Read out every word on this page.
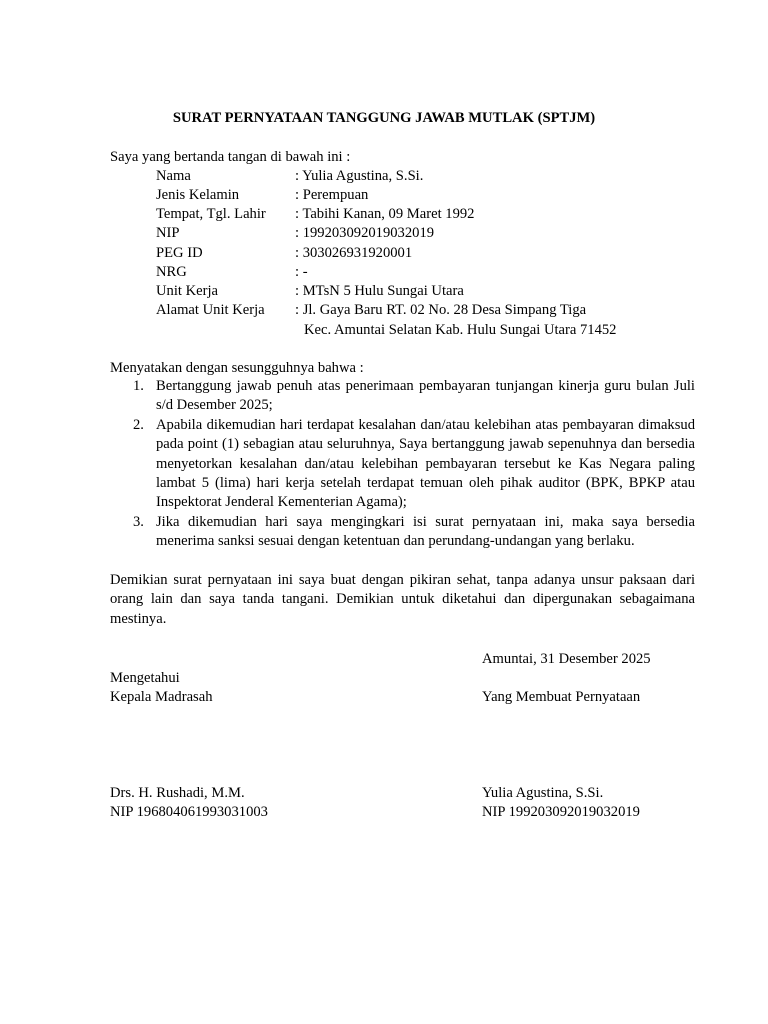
SURAT PERNYATAAN TANGGUNG JAWAB MUTLAK (SPTJM)
Saya yang bertanda tangan di bawah ini :
Nama	: Yulia Agustina, S.Si.
Jenis Kelamin	: Perempuan
Tempat, Tgl. Lahir : Tabihi Kanan, 09 Maret 1992
NIP	: 199203092019032019
PEG ID	: 303026931920001
NRG	: -
Unit Kerja	: MTsN 5 Hulu Sungai Utara
Alamat Unit Kerja : Jl. Gaya Baru RT. 02 No. 28 Desa Simpang Tiga
Kec. Amuntai Selatan Kab. Hulu Sungai Utara 71452
Menyatakan dengan sesungguhnya bahwa :
1. Bertanggung jawab penuh atas penerimaan pembayaran tunjangan kinerja guru bulan Juli s/d Desember 2025;
2. Apabila dikemudian hari terdapat kesalahan dan/atau kelebihan atas pembayaran dimaksud pada point (1) sebagian atau seluruhnya, Saya bertanggung jawab sepenuhnya dan bersedia menyetorkan kesalahan dan/atau kelebihan pembayaran tersebut ke Kas Negara paling lambat 5 (lima) hari kerja setelah terdapat temuan oleh pihak auditor (BPK, BPKP atau Inspektorat Jenderal Kementerian Agama);
3. Jika dikemudian hari saya mengingkari isi surat pernyataan ini, maka saya bersedia menerima sanksi sesuai dengan ketentuan dan perundang-undangan yang berlaku.

Demikian surat pernyataan ini saya buat dengan pikiran sehat, tanpa adanya unsur paksaan dari orang lain dan saya tanda tangani. Demikian untuk diketahui dan dipergunakan sebagaimana mestinya.

Amuntai, 31 Desember 2025
Mengetahui
Kepala Madrasah	Yang Membuat Pernyataan
Drs. H. Rushadi, M.M.	Yulia Agustina, S.Si.
NIP 196804061993031003	NIP 199203092019032019
